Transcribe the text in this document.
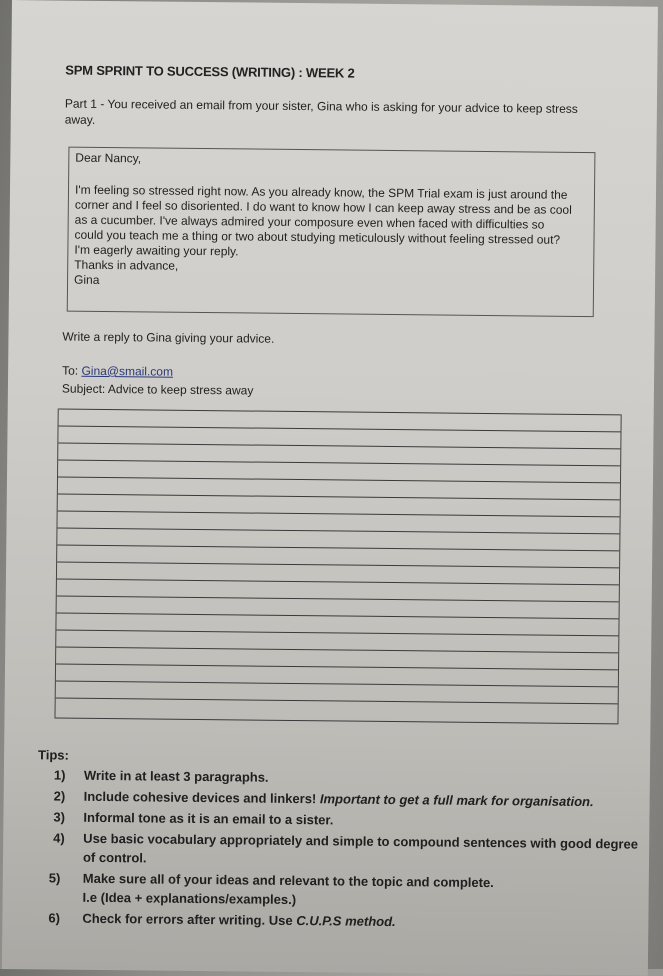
SPM SPRINT TO SUCCESS (WRITING) : WEEK 2
Part 1 - You received an email from your sister, Gina who is asking for your advice to keep stress away.
Dear Nancy,
I'm feeling so stressed right now. As you already know, the SPM Trial exam is just around the corner and I feel so disoriented. I do want to know how I can keep away stress and be as cool as a cucumber. I've always admired your composure even when faced with difficulties so could you teach me a thing or two about studying meticulously without feeling stressed out? I'm eagerly awaiting your reply.
Thanks in advance,
Gina
Write a reply to Gina giving your advice.
To: Gina@smail.com
Subject: Advice to keep stress away
Tips:
1) Write in at least 3 paragraphs.
2) Include cohesive devices and linkers! Important to get a full mark for organisation.
3) Informal tone as it is an email to a sister.
4) Use basic vocabulary appropriately and simple to compound sentences with good degree of control.
5) Make sure all of your ideas and relevant to the topic and complete.
I.e (Idea + explanations/examples.)
6) Check for errors after writing. Use C.U.P.S method.
